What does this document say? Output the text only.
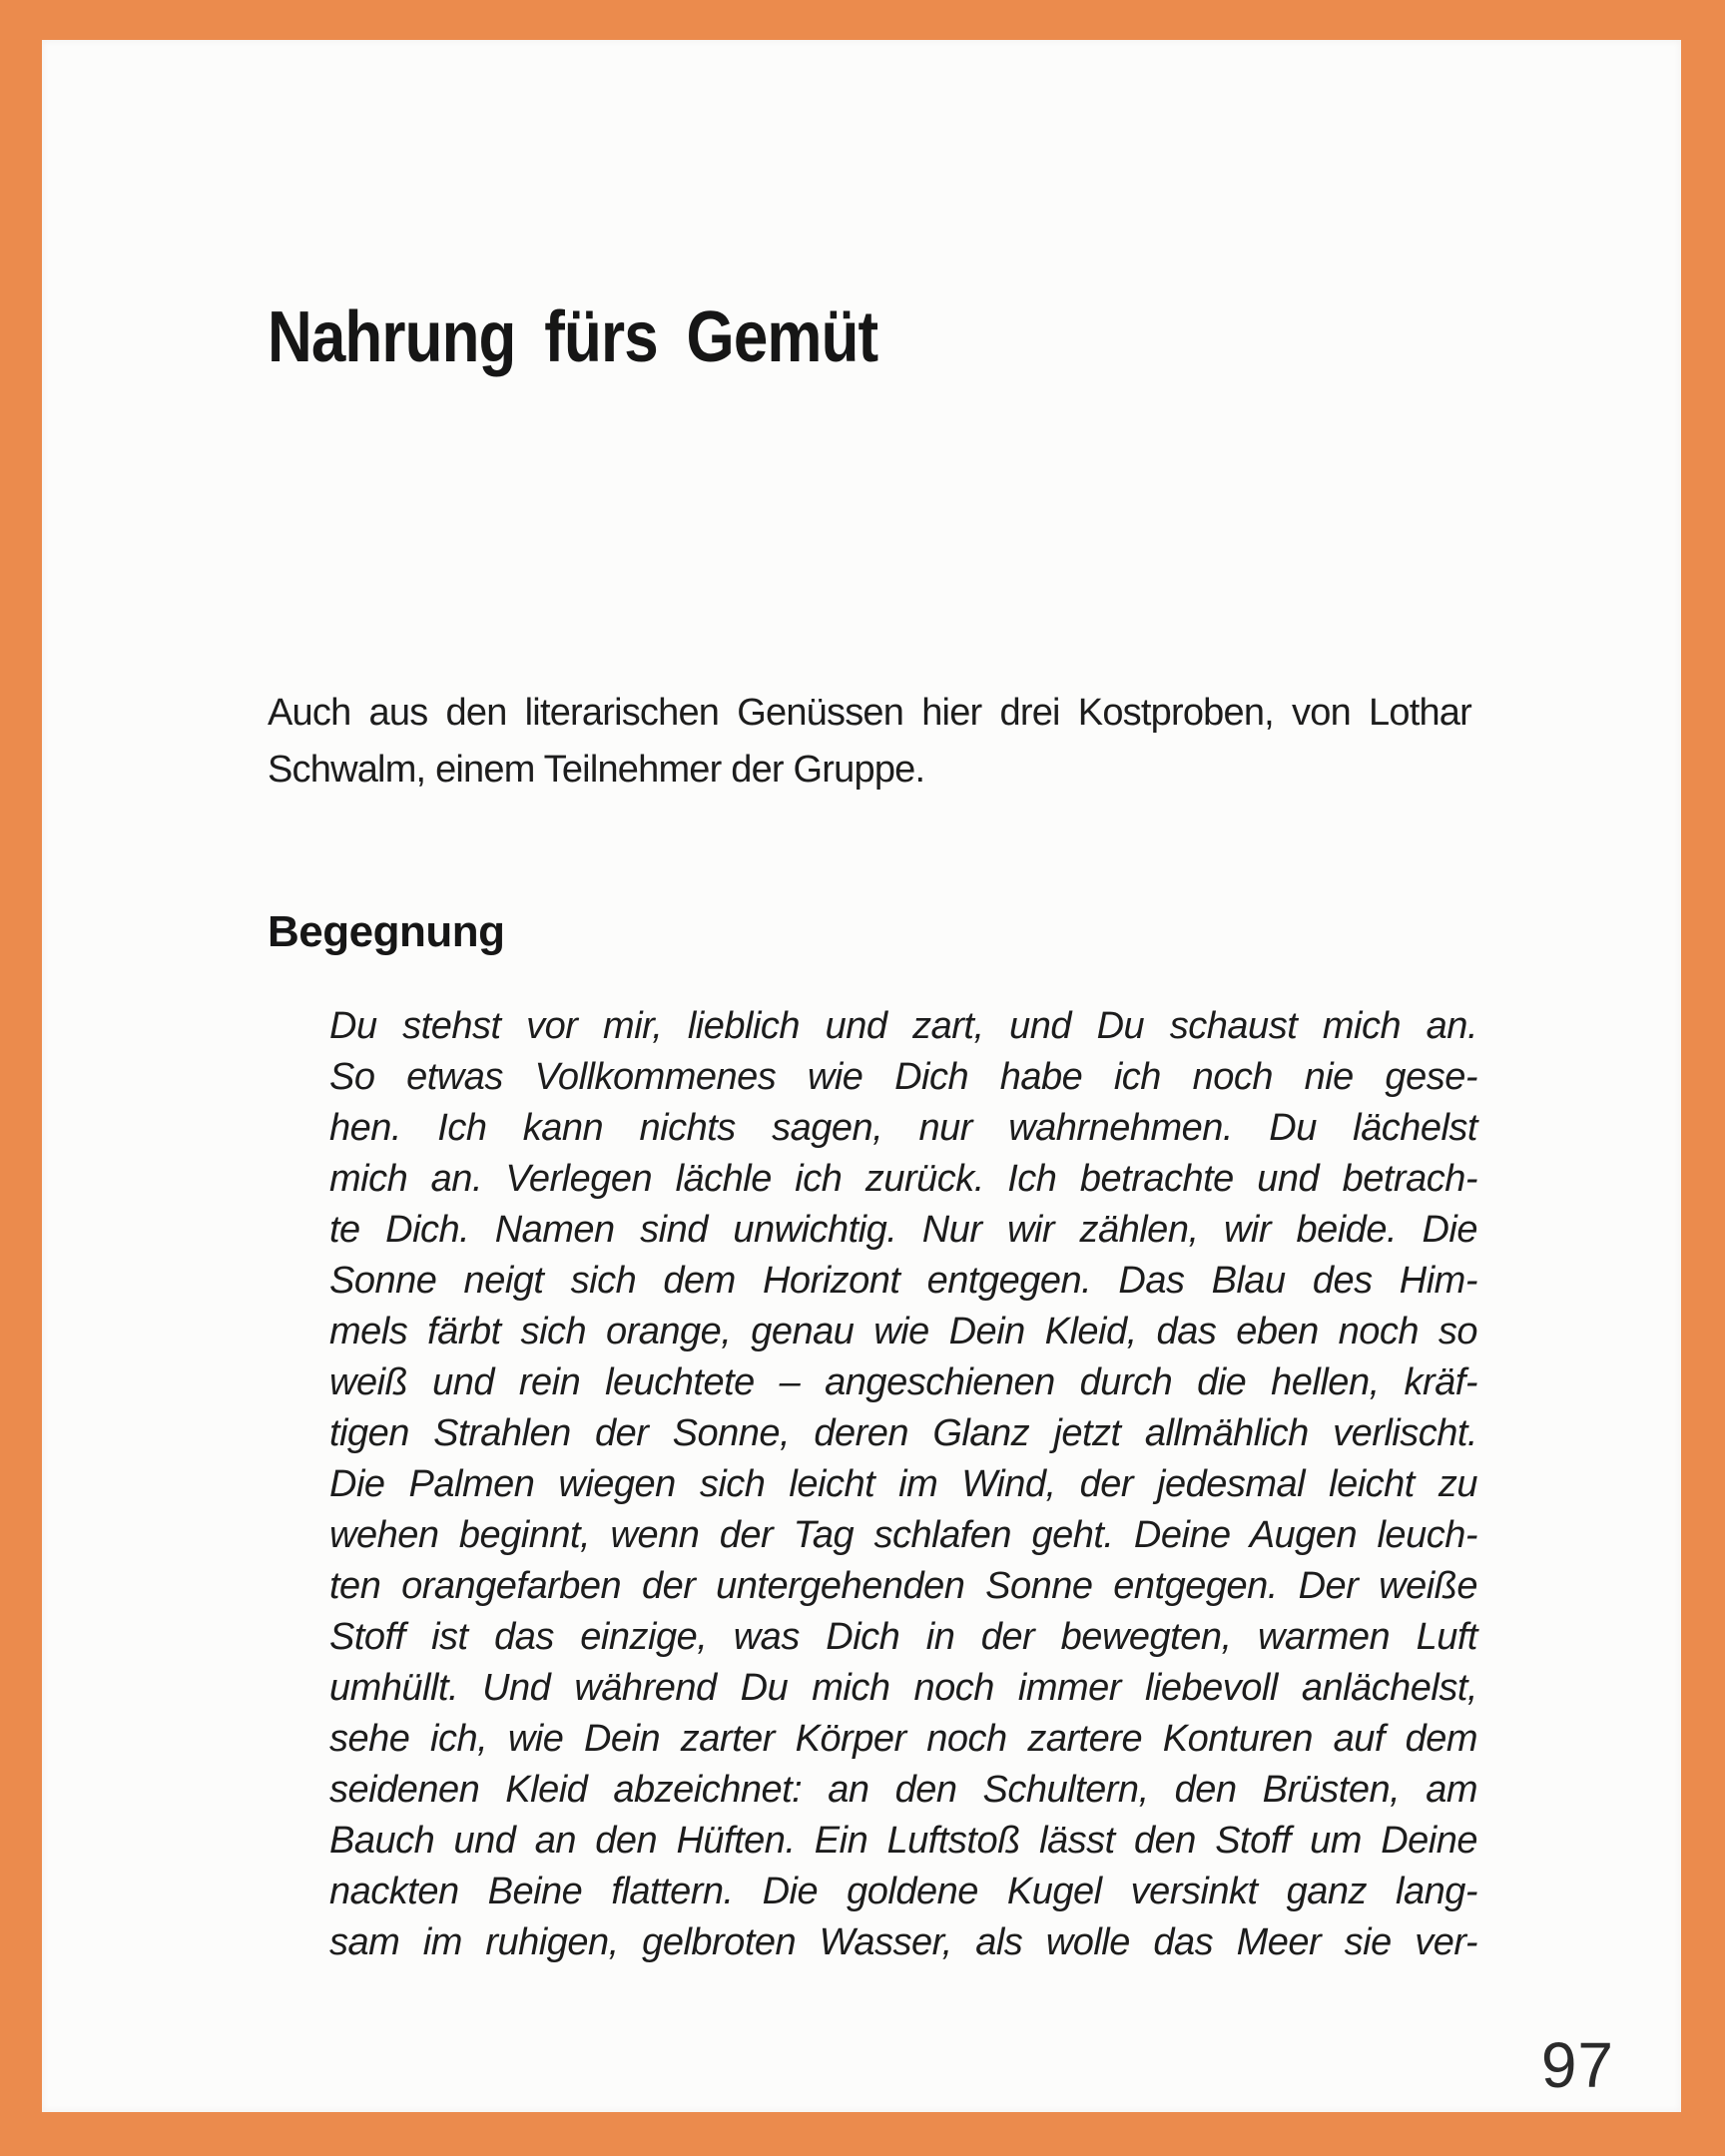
Nahrung fürs Gemüt
Auch aus den literarischen Genüssen hier drei Kostproben, von Lothar
Schwalm, einem Teilnehmer der Gruppe.
Begegnung
Du stehst vor mir, lieblich und zart, und Du schaust mich an.
So etwas Vollkommenes wie Dich habe ich noch nie gese-
hen. Ich kann nichts sagen, nur wahrnehmen. Du lächelst
mich an. Verlegen lächle ich zurück. Ich betrachte und betrach-
te Dich. Namen sind unwichtig. Nur wir zählen, wir beide. Die
Sonne neigt sich dem Horizont entgegen. Das Blau des Him-
mels färbt sich orange, genau wie Dein Kleid, das eben noch so
weiß und rein leuchtete – angeschienen durch die hellen, kräf-
tigen Strahlen der Sonne, deren Glanz jetzt allmählich verlischt.
Die Palmen wiegen sich leicht im Wind, der jedesmal leicht zu
wehen beginnt, wenn der Tag schlafen geht. Deine Augen leuch-
ten orangefarben der untergehenden Sonne entgegen. Der weiße
Stoff ist das einzige, was Dich in der bewegten, warmen Luft
umhüllt. Und während Du mich noch immer liebevoll anlächelst,
sehe ich, wie Dein zarter Körper noch zartere Konturen auf dem
seidenen Kleid abzeichnet: an den Schultern, den Brüsten, am
Bauch und an den Hüften. Ein Luftstoß lässt den Stoff um Deine
nackten Beine flattern. Die goldene Kugel versinkt ganz lang-
sam im ruhigen, gelbroten Wasser, als wolle das Meer sie ver-
97
